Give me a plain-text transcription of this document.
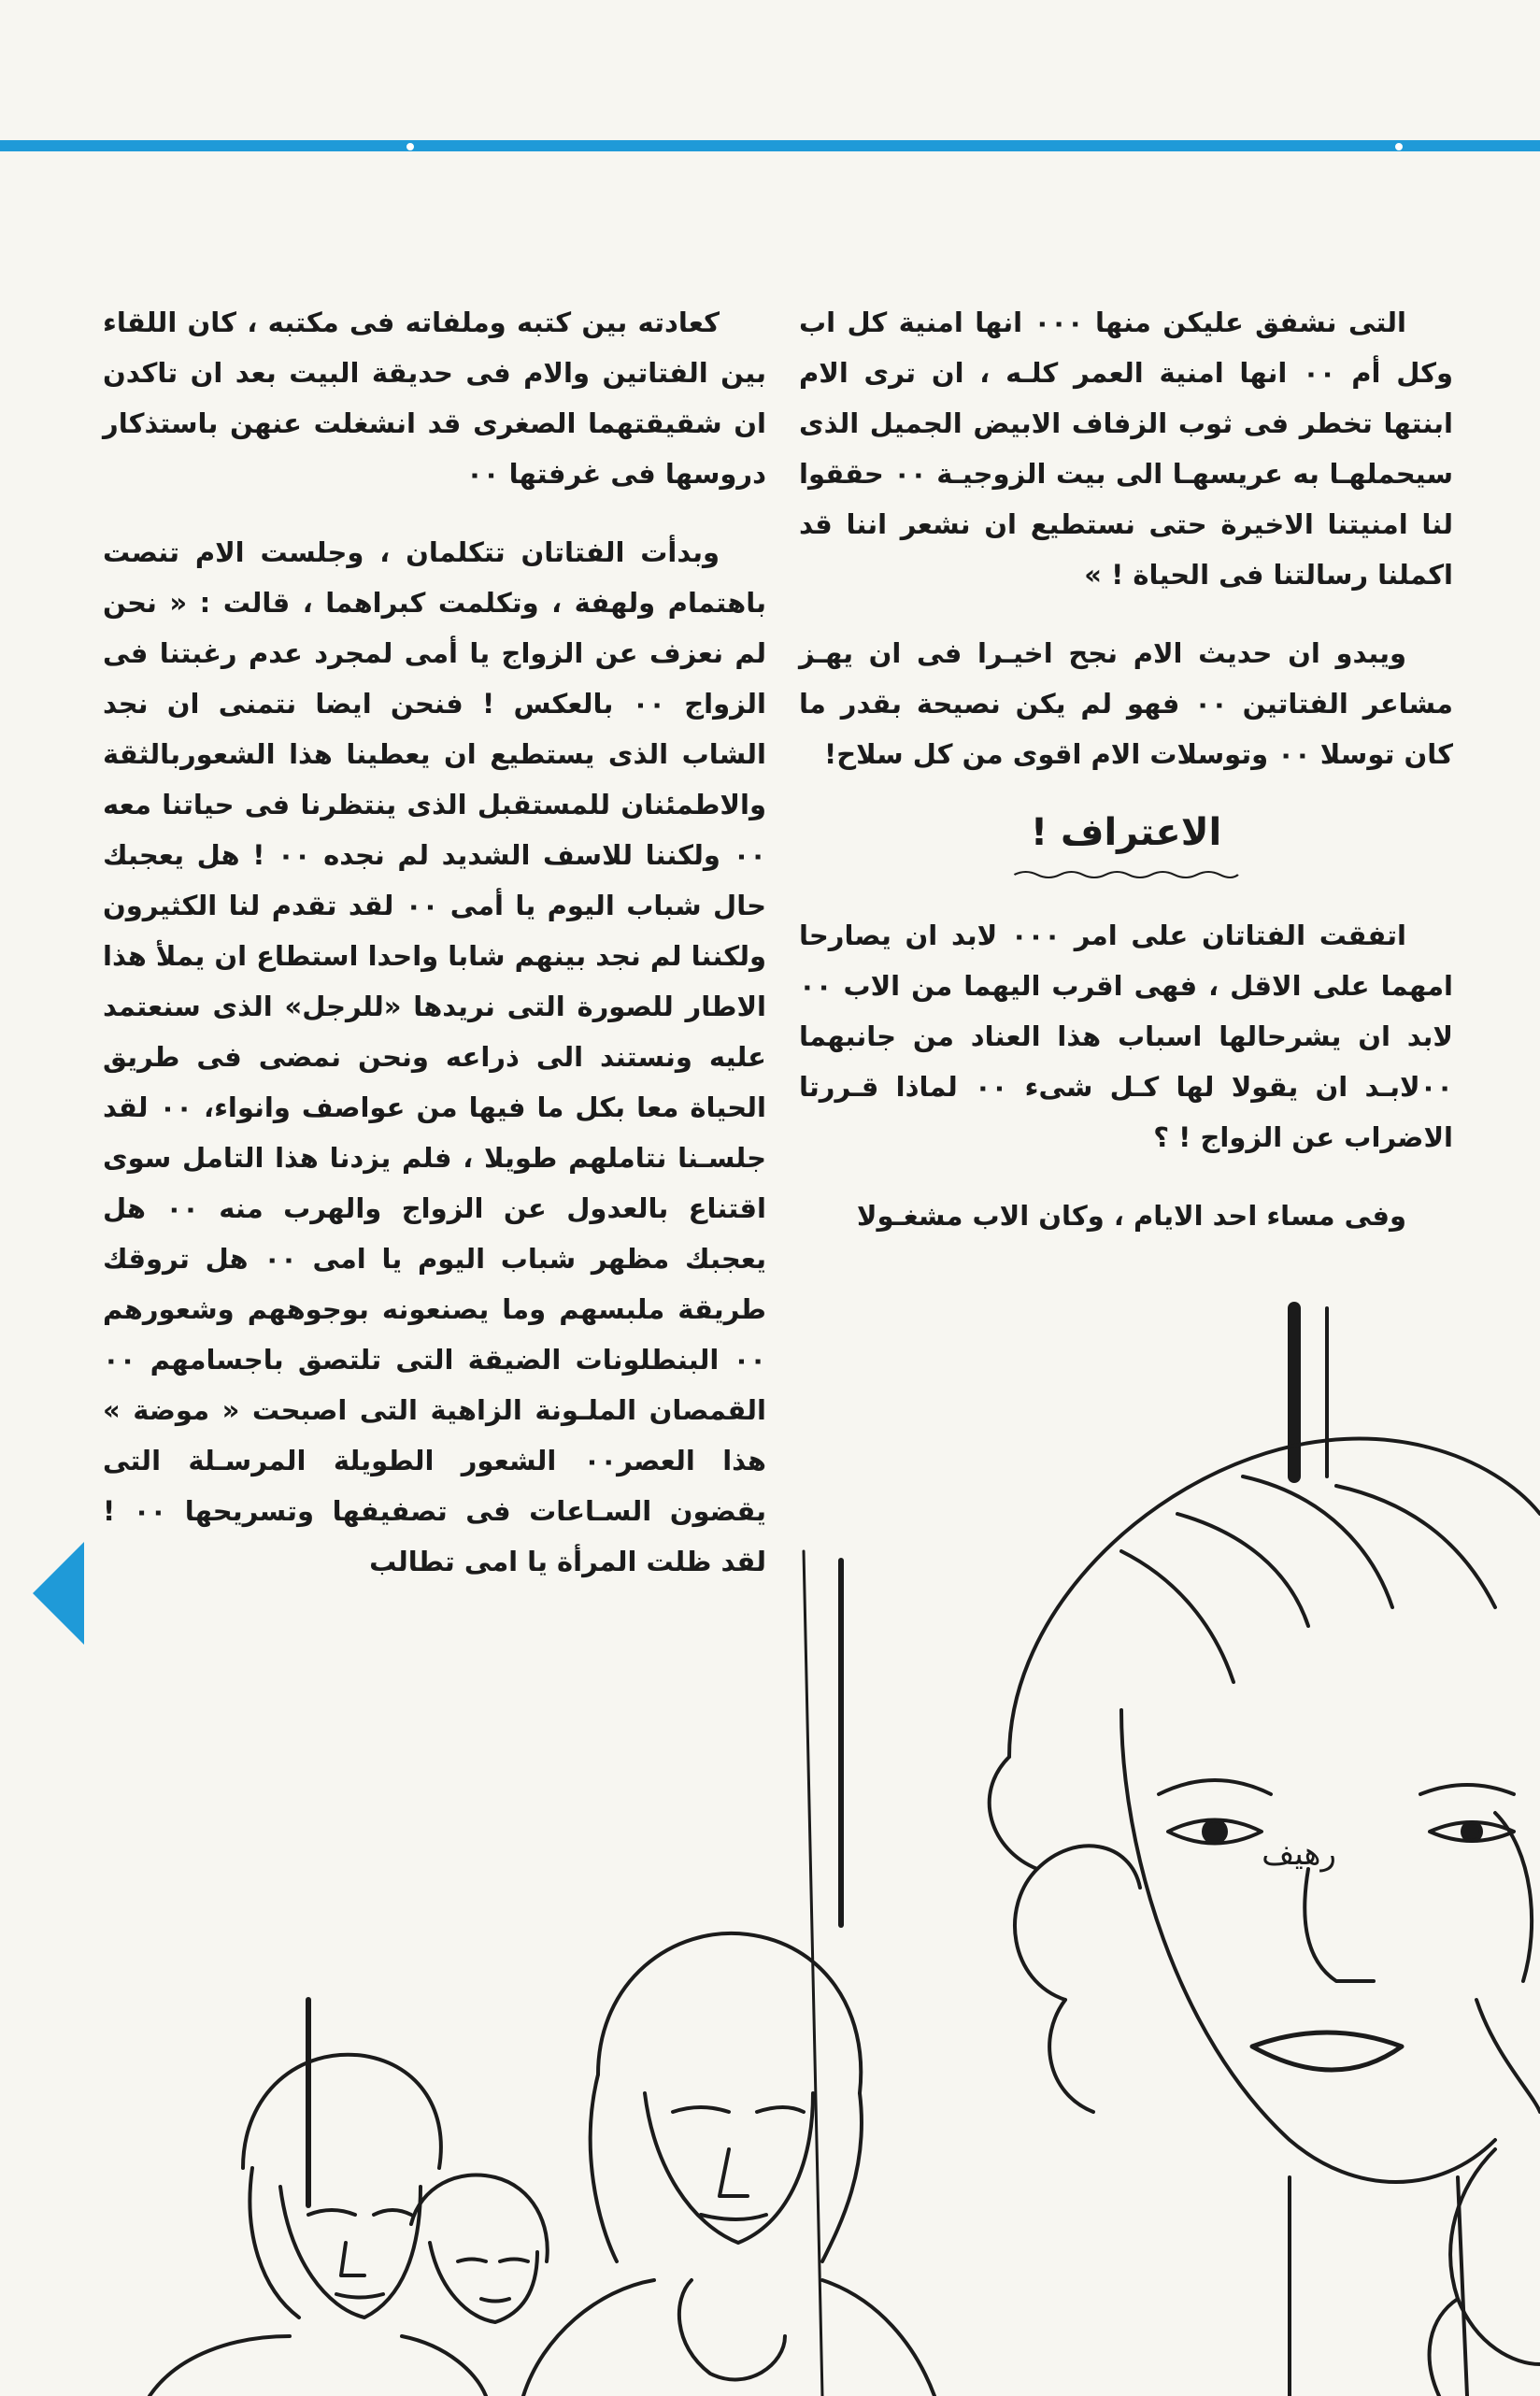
التى نشفق عليكن منها ٠٠٠ انها امنية كل اب وكل أم ٠٠ انها امنية العمر كلـه ، ان ترى الام ابنتها تخطر فى ثوب الزفاف الابيض الجميل الذى سيحملهـا به عريسهـا الى بيت الزوجيـة ٠٠ حققوا لنا امنيتنا الاخيرة حتى نستطيع ان نشعر اننا قد اكملنا رسالتنا فى الحياة ! »

ويبدو ان حديث الام نجح اخيـرا فى ان يهـز مشاعر الفتاتين ٠٠ فهو لم يكن نصيحة بقدر ما كان توسلا ٠٠ وتوسلات الام اقوى من كل سلاح!

الاعتراف !

اتفقت الفتاتان على امر ٠٠٠ لابد ان يصارحا امهما على الاقل ، فهى اقرب اليهما من الاب ٠٠ لابد ان يشرحالها اسباب هذا العناد من جانبهما ٠٠لابـد ان يقولا لها كـل شىء ٠٠ لماذا قـررتا الاضراب عن الزواج ! ؟

وفى مساء احد الايام ، وكان الاب مشغـولا

كعادته بين كتبه وملفاته فى مكتبه ، كان اللقاء بين الفتاتين والام فى حديقة البيت بعد ان تاكدن ان شقيقتهما الصغرى قد انشغلت عنهن باستذكار دروسها فى غرفتها ٠٠

وبدأت الفتاتان تتكلمان ، وجلست الام تنصت باهتمام ولهفة ، وتكلمت كبراهما ، قالت : « نحن لم نعزف عن الزواج يا أمى لمجرد عدم رغبتنا فى الزواج ٠٠ بالعكس ! فنحن ايضا نتمنى ان نجد الشاب الذى يستطيع ان يعطينا هذا الشعوربالثقة والاطمئنان للمستقبل الذى ينتظرنا فى حياتنا معه ٠٠ ولكننا للاسف الشديد لم نجده ٠٠ ! هل يعجبك حال شباب اليوم يا أمى ٠٠ لقد تقدم لنا الكثيرون ولكننا لم نجد بينهم شابا واحدا استطاع ان يملأ هذا الاطار للصورة التى نريدها «للرجل» الذى سنعتمد عليه ونستند الى ذراعه ونحن نمضى فى طريق الحياة معا بكل ما فيها من عواصف وانواء، ٠٠ لقد جلسـنا نتاملهم طويلا ، فلم يزدنا هذا التامل سوى اقتناع بالعدول عن الزواج والهرب منه ٠٠ هل يعجبك مظهر شباب اليوم يا امى ٠٠ هل تروقك طريقة ملبسهم وما يصنعونه بوجوههم وشعورهم ٠٠ البنطلونات الضيقة التى تلتصق باجسامهم ٠٠ القمصان الملـونة الزاهية التى اصبحت « موضة » هذا العصر٠٠ الشعور الطويلة المرسـلة التى يقضون السـاعات فى تصفيفها وتسريحها ٠٠ ! لقد ظلت المرأة يا امى تطالب

رهيف
